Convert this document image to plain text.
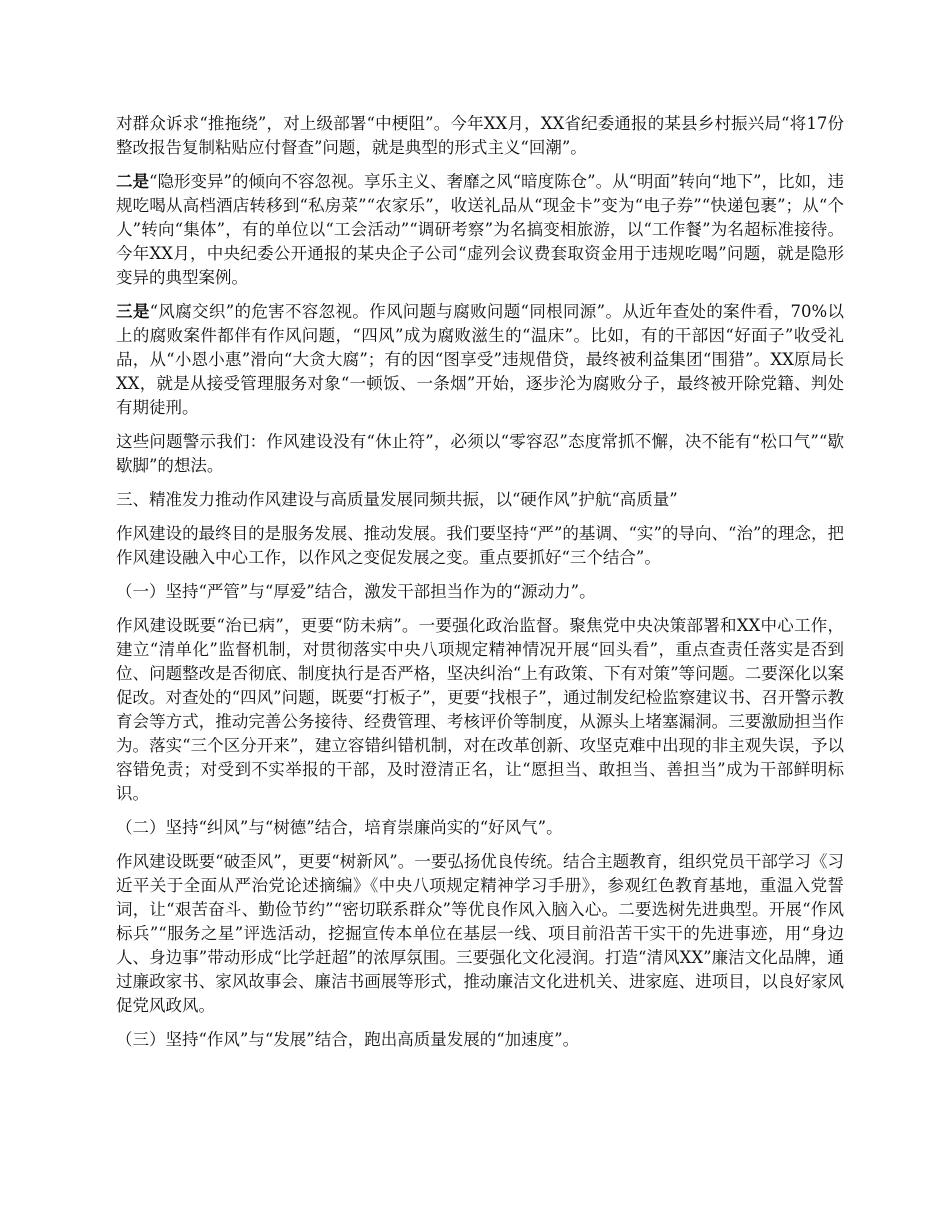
对群众诉求“推拖绕”，对上级部署“中梗阻”。今年XX月，XX省纪委通报的某县乡村振兴局“将17份整改报告复制粘贴应付督查”问题，就是典型的形式主义“回潮”。

二是“隐形变异”的倾向不容忽视。享乐主义、奢靡之风“暗度陈仓”。从“明面”转向“地下”，比如，违规吃喝从高档酒店转移到“私房菜”“农家乐”，收送礼品从“现金卡”变为“电子券”“快递包裹”；从“个人”转向“集体”，有的单位以“工会活动”“调研考察”为名搞变相旅游，以“工作餐”为名超标准接待。今年XX月，中央纪委公开通报的某央企子公司“虚列会议费套取资金用于违规吃喝”问题，就是隐形变异的典型案例。

三是“风腐交织”的危害不容忽视。作风问题与腐败问题“同根同源”。从近年查处的案件看，70%以上的腐败案件都伴有作风问题，“四风”成为腐败滋生的“温床”。比如，有的干部因“好面子”收受礼品，从“小恩小惠”滑向“大贪大腐”；有的因“图享受”违规借贷，最终被利益集团“围猎”。XX原局长XX，就是从接受管理服务对象“一顿饭、一条烟”开始，逐步沦为腐败分子，最终被开除党籍、判处有期徒刑。

这些问题警示我们：作风建设没有“休止符”，必须以“零容忍”态度常抓不懈，决不能有“松口气”“歇歇脚”的想法。

三、精准发力推动作风建设与高质量发展同频共振，以“硬作风”护航“高质量”

作风建设的最终目的是服务发展、推动发展。我们要坚持“严”的基调、“实”的导向、“治”的理念，把作风建设融入中心工作，以作风之变促发展之变。重点要抓好“三个结合”。

（一）坚持“严管”与“厚爱”结合，激发干部担当作为的“源动力”。

作风建设既要“治已病”，更要“防未病”。一要强化政治监督。聚焦党中央决策部署和XX中心工作，建立“清单化”监督机制，对贯彻落实中央八项规定精神情况开展“回头看”，重点查责任落实是否到位、问题整改是否彻底、制度执行是否严格，坚决纠治“上有政策、下有对策”等问题。二要深化以案促改。对查处的“四风”问题，既要“打板子”，更要“找根子”，通过制发纪检监察建议书、召开警示教育会等方式，推动完善公务接待、经费管理、考核评价等制度，从源头上堵塞漏洞。三要激励担当作为。落实“三个区分开来”，建立容错纠错机制，对在改革创新、攻坚克难中出现的非主观失误，予以容错免责；对受到不实举报的干部，及时澄清正名，让“愿担当、敢担当、善担当”成为干部鲜明标识。

（二）坚持“纠风”与“树德”结合，培育崇廉尚实的“好风气”。

作风建设既要“破歪风”，更要“树新风”。一要弘扬优良传统。结合主题教育，组织党员干部学习《习近平关于全面从严治党论述摘编》《中央八项规定精神学习手册》，参观红色教育基地，重温入党誓词，让“艰苦奋斗、勤俭节约”“密切联系群众”等优良作风入脑入心。二要选树先进典型。开展“作风标兵”“服务之星”评选活动，挖掘宣传本单位在基层一线、项目前沿苦干实干的先进事迹，用“身边人、身边事”带动形成“比学赶超”的浓厚氛围。三要强化文化浸润。打造“清风XX”廉洁文化品牌，通过廉政家书、家风故事会、廉洁书画展等形式，推动廉洁文化进机关、进家庭、进项目，以良好家风促党风政风。

（三）坚持“作风”与“发展”结合，跑出高质量发展的“加速度”。
